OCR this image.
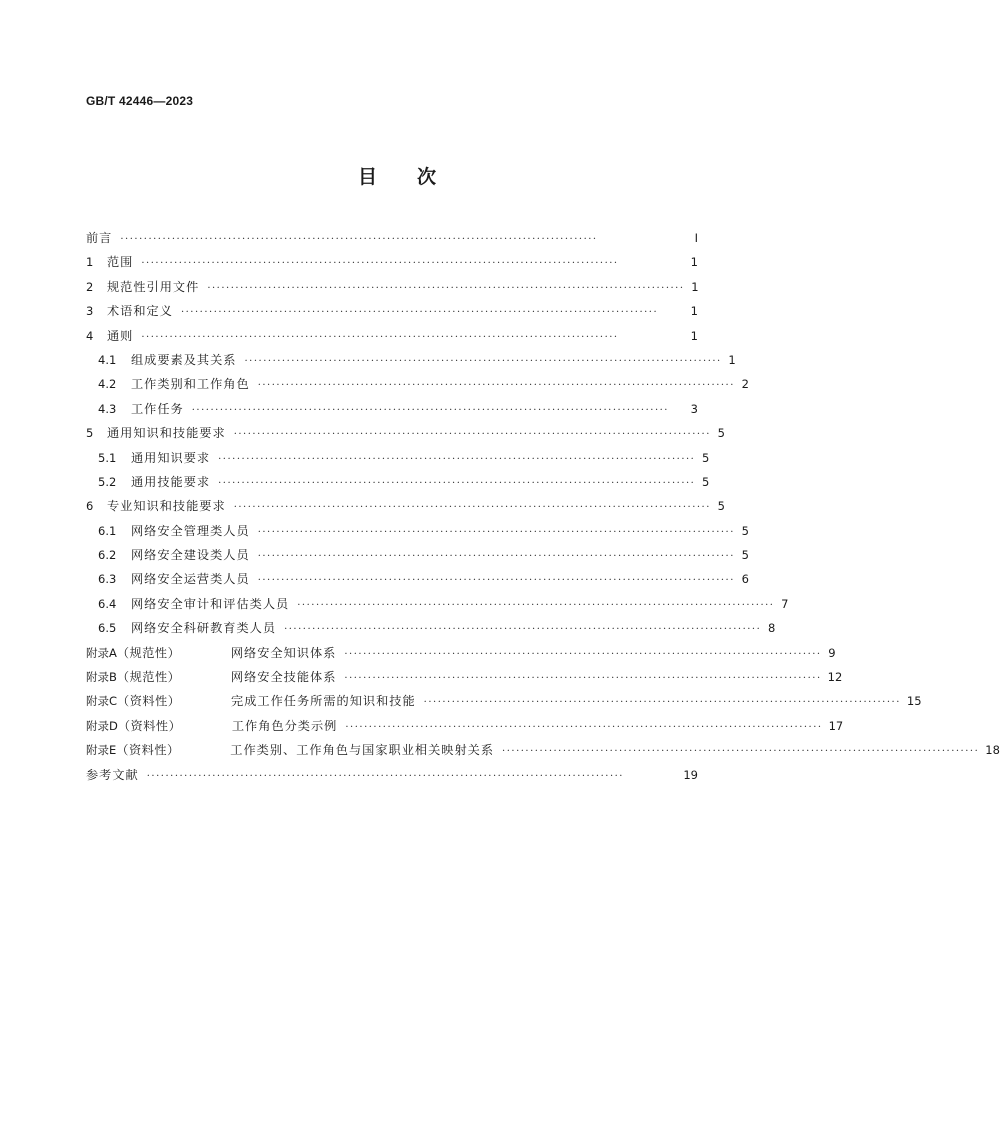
GB/T 42446—2023
目次
前言 ······································································································	I
1	范围 ······································································································	1
2	规范性引用文件 ······································································································ 1
3	术语和定义 ······································································································	1
4	通则 ······································································································	1
4.1	组成要素及其关系 ······································································································ 1
4.2	工作类别和工作角色 ······································································································ 2
4.3	工作任务 ······································································································	3
5	通用知识和技能要求 ······································································································ 5
5.1	通用知识要求 ······································································································ 5
5.2	通用技能要求 ······································································································ 5
6	专业知识和技能要求 ······································································································ 5
6.1	网络安全管理类人员 ······································································································ 5
6.2	网络安全建设类人员 ······································································································ 5
6.3	网络安全运营类人员 ······································································································ 6
6.4	网络安全审计和评估类人员 ······································································································ 7
6.5	网络安全科研教育类人员 ······································································································ 8
附录A （规范性）	网络安全知识体系 ······································································································ 9
附录B （规范性）	网络安全技能体系 ······································································································ 12
附录C （资料性）	完成工作任务所需的知识和技能 ······································································································ 15
附录D （资料性）	工作角色分类示例 ······································································································ 17
附录E （资料性）	工作类别、工作角色与国家职业相关映射关系 ······································································································ 18
参考文献 ······································································································	19
